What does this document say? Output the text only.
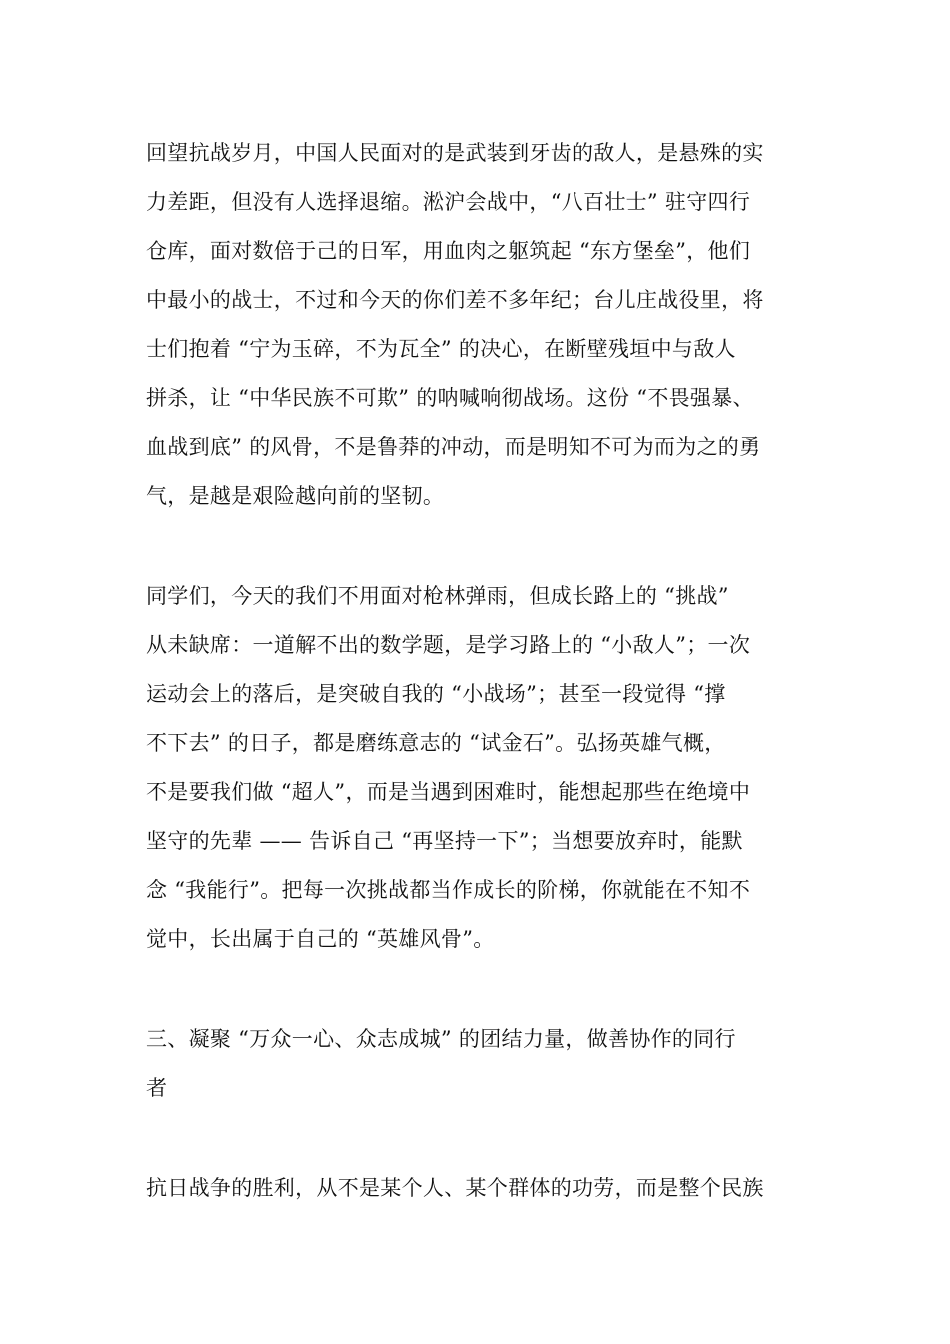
回望抗战岁月，中国人民面对的是武装到牙齿的敌人，是悬殊的实
力差距，但没有人选择退缩。淞沪会战中，“八百壮士” 驻守四行
仓库，面对数倍于己的日军，用血肉之躯筑起 “东方堡垒”，他们
中最小的战士，不过和今天的你们差不多年纪；台儿庄战役里，将
士们抱着 “宁为玉碎，不为瓦全” 的决心，在断壁残垣中与敌人
拼杀，让 “中华民族不可欺” 的呐喊响彻战场。这份 “不畏强暴、
血战到底” 的风骨，不是鲁莽的冲动，而是明知不可为而为之的勇
气，是越是艰险越向前的坚韧。
同学们，今天的我们不用面对枪林弹雨，但成长路上的 “挑战”
从未缺席：一道解不出的数学题，是学习路上的 “小敌人”；一次
运动会上的落后，是突破自我的 “小战场”；甚至一段觉得 “撑
不下去” 的日子，都是磨练意志的 “试金石”。弘扬英雄气概，
不是要我们做 “超人”，而是当遇到困难时，能想起那些在绝境中
坚守的先辈 —— 告诉自己 “再坚持一下”；当想要放弃时，能默
念 “我能行”。把每一次挑战都当作成长的阶梯，你就能在不知不
觉中，长出属于自己的 “英雄风骨”。
三、凝聚 “万众一心、众志成城” 的团结力量，做善协作的同行
者
抗日战争的胜利，从不是某个人、某个群体的功劳，而是整个民族
